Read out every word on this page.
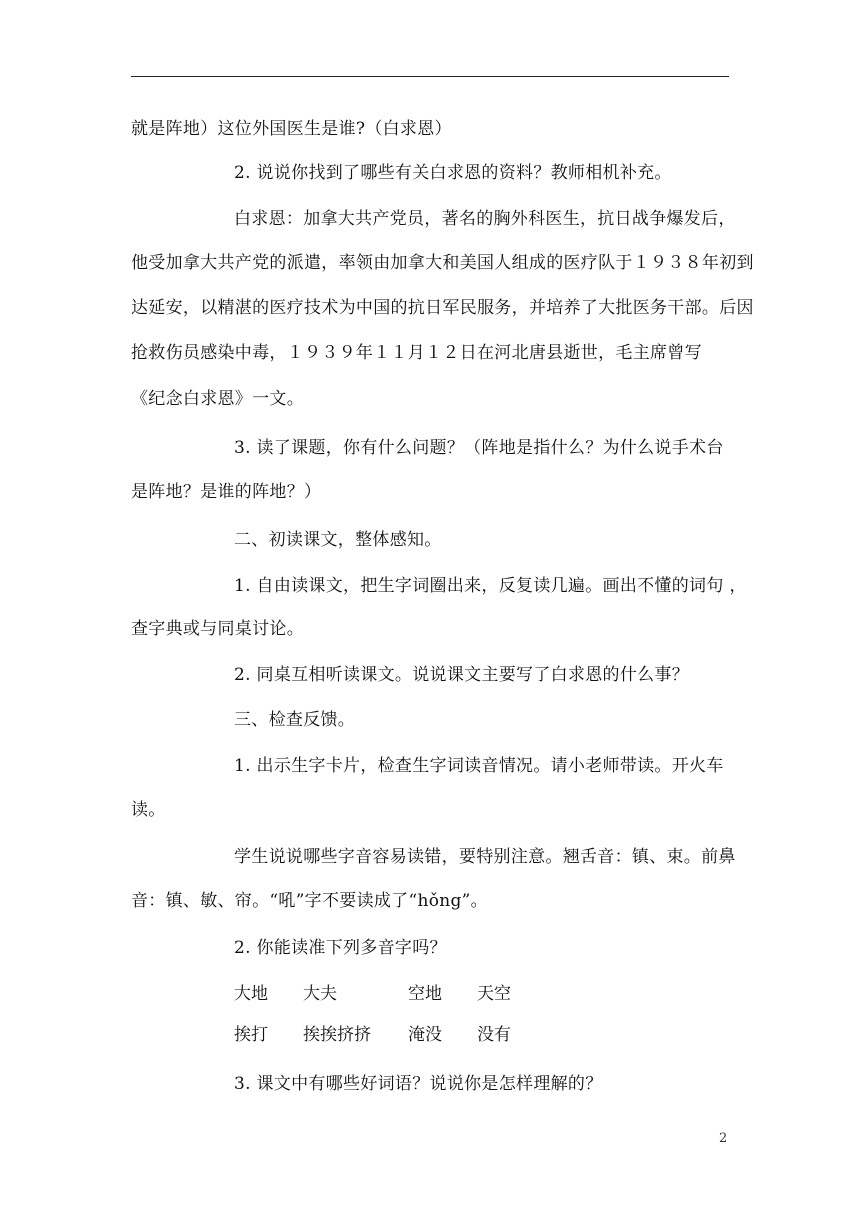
就是阵地）这位外国医生是谁?（白求恩）
2. 说说你找到了哪些有关白求恩的资料？教师相机补充。
白求恩：加拿大共产党员，著名的胸外科医生，抗日战争爆发后，
他受加拿大共产党的派遣，率领由加拿大和美国人组成的医疗队于１９３８年初到
达延安，以精湛的医疗技术为中国的抗日军民服务，并培养了大批医务干部。后因
抢救伤员感染中毒，１９３９年１１月１２日在河北唐县逝世，毛主席曾写
《纪念白求恩》一文。
3. 读了课题，你有什么问题？（阵地是指什么？为什么说手术台
是阵地？是谁的阵地？）
二、初读课文，整体感知。
1. 自由读课文，把生字词圈出来，反复读几遍。画出不懂的词句 ，
查字典或与同桌讨论。
2. 同桌互相听读课文。说说课文主要写了白求恩的什么事？
三、检查反馈。
1. 出示生字卡片，检查生字词读音情况。请小老师带读。开火车
读。
学生说说哪些字音容易读错，要特别注意。翘舌音：镇、束。前鼻
音：镇、敏、帘。“吼”字不要读成了“hǒng”。
2. 你能读准下列多音字吗？
大地 大夫	空地 天空
挨打 挨挨挤挤 淹没 没有
3. 课文中有哪些好词语？说说你是怎样理解的？
2
